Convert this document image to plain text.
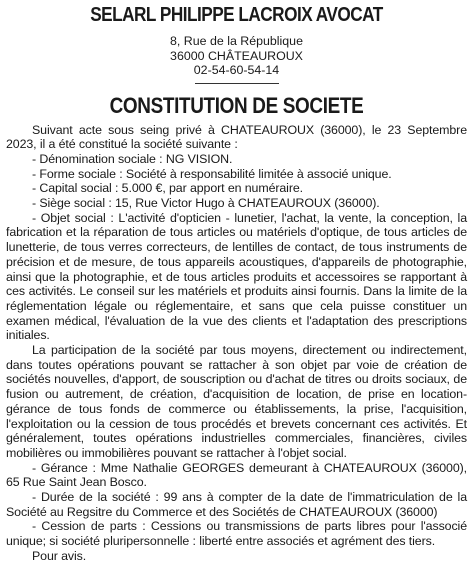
SELARL PHILIPPE LACROIX AVOCAT
8, Rue de la République
36000 CHÂTEAUROUX
02-54-60-54-14
CONSTITUTION DE SOCIETE

Suivant acte sous seing privé à CHATEAUROUX (36000), le 23 Septembre 2023, il a été constitué la société suivante :

- Dénomination sociale : NG VISION.

- Forme sociale : Société à responsabilité limitée à associé unique.

- Capital social : 5.000 €, par apport en numéraire.

- Siège social : 15, Rue Victor Hugo à CHATEAUROUX (36000).

- Objet social : L'activité d'opticien - lunetier, l'achat, la vente, la conception, la fabrication et la réparation de tous articles ou matériels d'optique, de tous articles de lunetterie, de tous verres correcteurs, de lentilles de contact, de tous instruments de précision et de mesure, de tous appareils acoustiques, d'appareils de photographie, ainsi que la photographie, et de tous articles produits et accessoires se rapportant à ces activités. Le conseil sur les matériels et produits ainsi fournis. Dans la limite de la réglementation légale ou réglementaire, et sans que cela puisse constituer un examen médical, l'évaluation de la vue des clients et l'adaptation des prescriptions initiales.

La participation de la société par tous moyens, directement ou indirectement, dans toutes opérations pouvant se rattacher à son objet par voie de création de sociétés nouvelles, d'apport, de souscription ou d'achat de titres ou droits sociaux, de fusion ou autrement, de création, d'acquisition de location, de prise en location-gérance de tous fonds de commerce ou établissements, la prise, l'acquisition, l'exploitation ou la cession de tous procédés et brevets concernant ces activités. Et généralement, toutes opérations industrielles commerciales, financières, civiles mobilières ou immobilières pouvant se rattacher à l'objet social.

- Gérance : Mme Nathalie GEORGES demeurant à CHATEAUROUX (36000), 65 Rue Saint Jean Bosco.

- Durée de la société : 99 ans à compter de la date de l'immatriculation de la Société au Regsitre du Commerce et des Sociétés de CHATEAUROUX (36000)

- Cession de parts : Cessions ou transmissions de parts libres pour l'associé unique; si société pluripersonnelle : liberté entre associés et agrément des tiers.

Pour avis.
